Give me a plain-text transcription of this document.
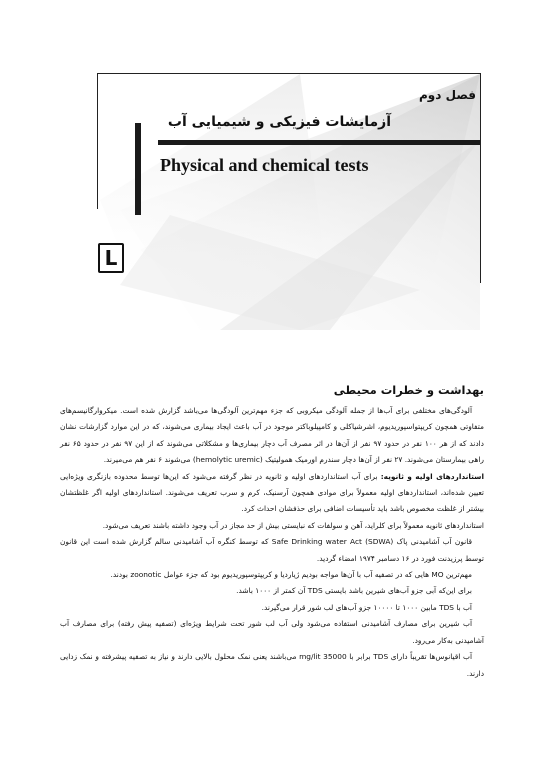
فصل دوم
آزمایشات فیزیکی و شیمیایی آب
Physical and chemical tests
L
بهداشت و خطرات محیطی

آلودگی‌های مختلفی برای آب‌ها از جمله آلودگی میکروبی که جزء مهم‌ترین آلودگی‌ها می‌باشد گزارش شده است. میکروارگانیسم‌های متفاوتی همچون کریپتواسپوریدیوم، اشرشیاکلی و کامپیلوباکتر موجود در آب باعث ایجاد بیماری می‌شوند، که در این موارد گزارشات نشان دادند که از هر ۱۰۰ نفر در حدود ۹۷ نفر از آن‌ها در اثر مصرف آب دچار بیماری‌ها و مشکلاتی می‌شوند که از این ۹۷ نفر در حدود ۶۵ نفر راهی بیمارستان می‌شوند. ۲۷ نفر از آن‌ها دچار سندرم اورمیک همولیتیک (hemolytic uremic) می‌شوند ۶ نفر هم می‌میرند.

استانداردهای اولیه و ثانویه: برای آب استانداردهای اولیه و ثانویه در نظر گرفته می‌شود که این‌ها توسط محدوده بازنگری ویژه‌ایی تعیین شده‌اند، استانداردهای اولیه معمولاً برای موادی همچون آرسنیک، کرم و سرب تعریف می‌شوند. استانداردهای اولیه اگر غلظتشان بیشتر از غلظت مخصوص باشد باید تأسیسات اضافی برای حذفشان احداث کرد.

استانداردهای ثانویه معمولاً برای کلراید، آهن و سولفات که نبایستی بیش از حد مجاز در آب وجود داشته باشند تعریف می‌شود.

قانون آب آشامیدنی پاک (Safe Drinking water Act (SDWA که توسط کنگره آب آشامیدنی سالم گزارش شده است این قانون توسط پرزیدنت فورد در ۱۶ دسامبر ۱۹۷۴ امضاء گردید.

مهم‌ترین MO هایی که در تصفیه آب با آن‌ها مواجه بودیم ژیاردیا و کریپتوسپوریدیوم بود که جزء عوامل zoonotic بودند.

برای این‌که آبی جزو آب‌های شیرین باشد بایستی TDS آن کمتر از ۱۰۰۰ باشد.

آب با TDS مابین ۱۰۰۰ تا ۱۰۰۰۰ جزو آب‌های لب شور قرار می‌گیرند.

آب شیرین برای مصارف آشامیدنی استفاده می‌شود ولی آب لب شور تحت شرایط ویژه‌ای (تصفیه پیش رفته) برای مصارف آب آشامیدنی به‌کار می‌رود.

آب اقیانوس‌ها تقریباً دارای TDS برابر با 35000 mg/lit می‌باشند یعنی نمک محلول بالایی دارند و نیاز به تصفیه پیشرفته و نمک زدایی دارند.
